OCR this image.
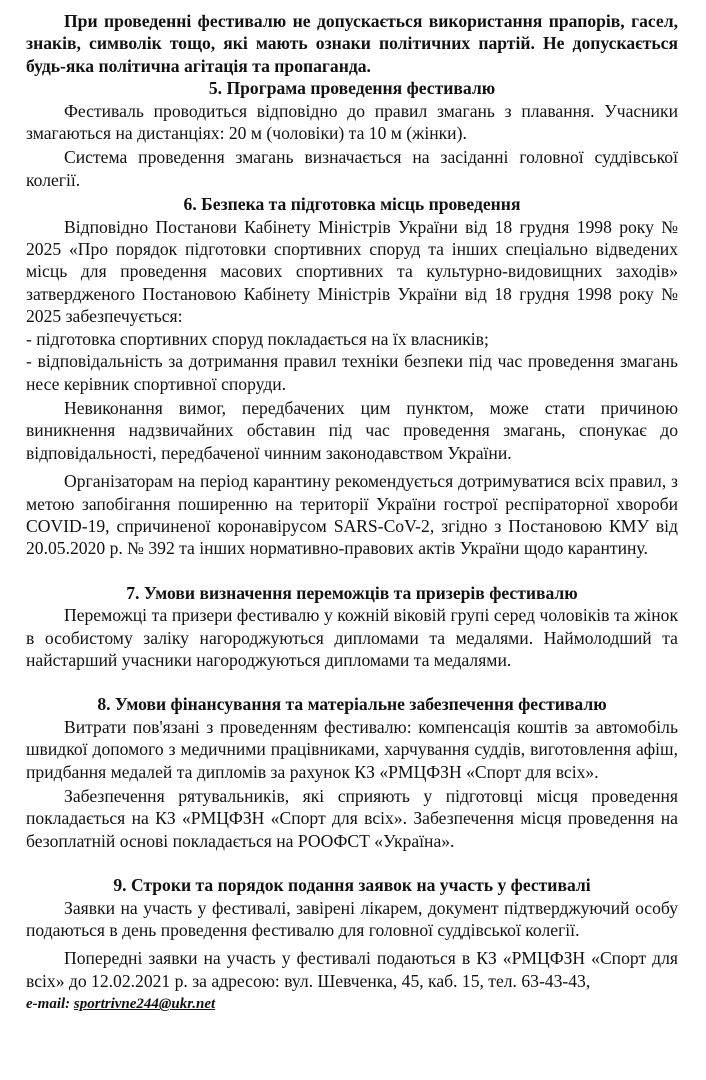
При проведенні фестивалю не допускається використання прапорів, гасел, знаків, символік тощо, які мають ознаки політичних партій. Не допускається будь-яка політична агітація та пропаганда.

5. Програма проведення фестивалю

Фестиваль проводиться відповідно до правил змагань з плавання. Учасники змагаються на дистанціях: 20 м (чоловіки) та 10 м (жінки).

Система проведення змагань визначається на засіданні головної суддівської колегії.

6. Безпека та підготовка місць проведення

Відповідно Постанови Кабінету Міністрів України від 18 грудня 1998 року № 2025 «Про порядок підготовки спортивних споруд та інших спеціально відведених місць для проведення масових спортивних та культурно-видовищних заходів» затвердженого Постановою Кабінету Міністрів України від 18 грудня 1998 року № 2025 забезпечується:

- підготовка спортивних споруд покладається на їх власників;

- відповідальність за дотримання правил техніки безпеки під час проведення змагань несе керівник спортивної споруди.

Невиконання вимог, передбачених цим пунктом, може стати причиною виникнення надзвичайних обставин під час проведення змагань, спонукає до відповідальності, передбаченої чинним законодавством України.

Організаторам на період карантину рекомендується дотримуватися всіх правил, з метою запобігання поширенню на території України гострої респіраторної хвороби COVID-19, спричиненої коронавірусом SARS-CoV-2, згідно з Постановою КМУ від 20.05.2020 р. № 392 та інших нормативно-правових актів України щодо карантину.

7. Умови визначення переможців та призерів фестивалю

Переможці та призери фестивалю у кожній віковій групі серед чоловіків та жінок в особистому заліку нагороджуються дипломами та медалями. Наймолодший та найстарший учасники нагороджуються дипломами та медалями.

8. Умови фінансування та матеріальне забезпечення фестивалю

Витрати пов'язані з проведенням фестивалю: компенсація коштів за автомобіль швидкої допомого з медичними працівниками, харчування суддів, виготовлення афіш, придбання медалей та дипломів за рахунок КЗ «РМЦФЗН «Спорт для всіх».

Забезпечення рятувальників, які сприяють у підготовці місця проведення покладається на КЗ «РМЦФЗН «Спорт для всіх». Забезпечення місця проведення на безоплатній основі покладається на РООФСТ «Україна».

9. Строки та порядок подання заявок на участь у фестивалі

Заявки на участь у фестивалі, завірені лікарем, документ підтверджуючий особу подаються в день проведення фестивалю для головної суддівської колегії.

Попередні заявки на участь у фестивалі подаються в КЗ «РМЦФЗН «Спорт для всіх» до 12.02.2021 р. за адресою: вул. Шевченка, 45, каб. 15, тел. 63-43-43,

e-mail: sportrivne244@ukr.net
